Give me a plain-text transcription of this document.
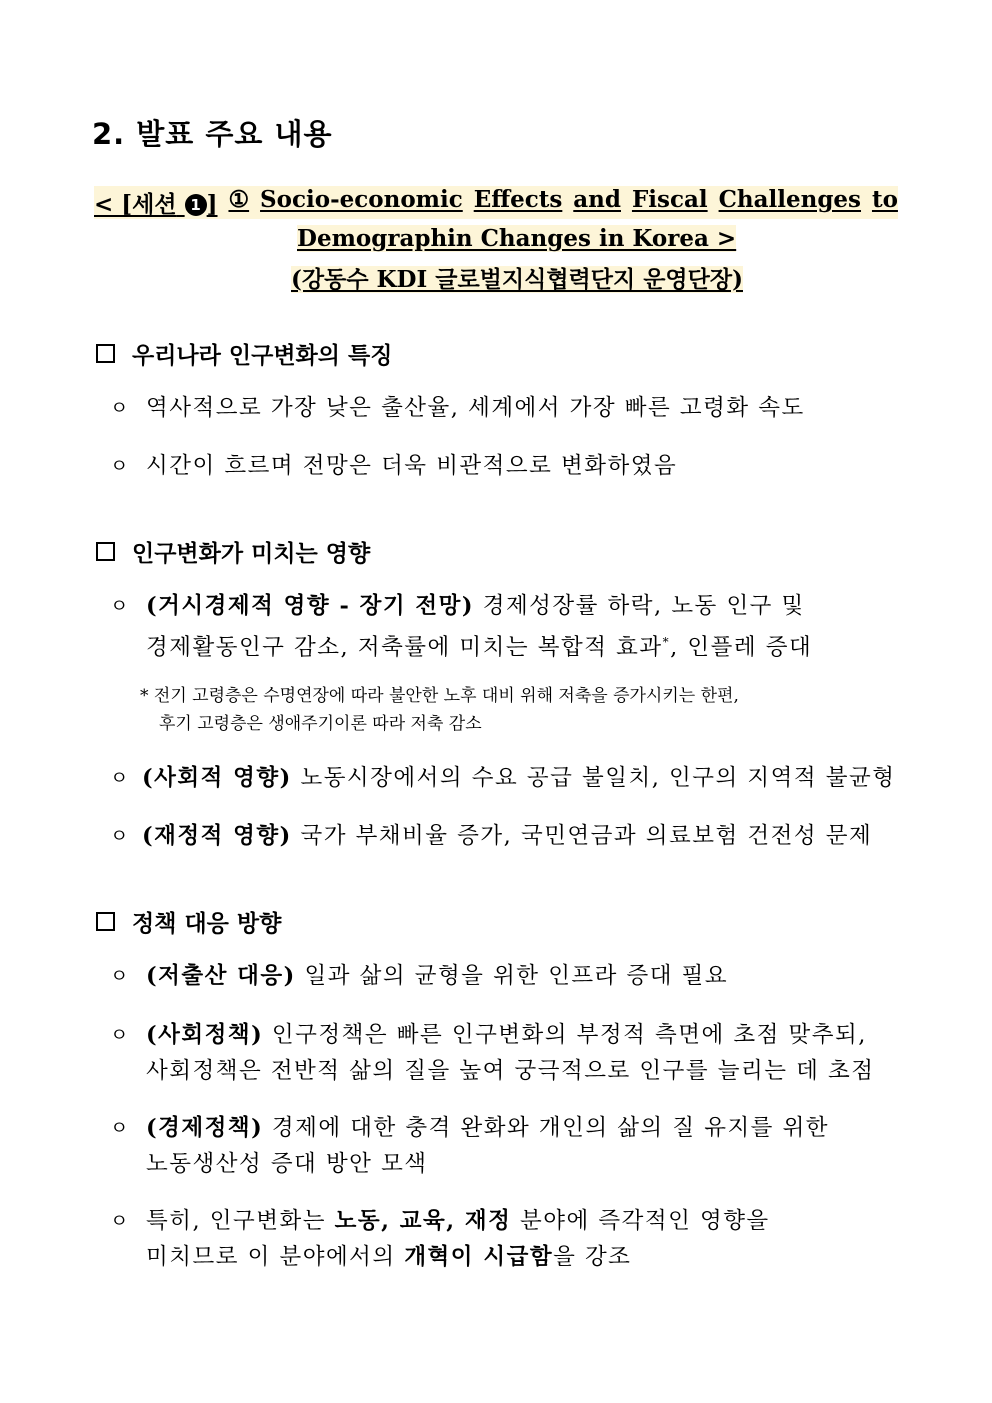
2. 발표 주요 내용
< [세션 1 ] ① Socio-economic Effects and Fiscal Challenges to
Demographin Changes in Korea >
(강동수 KDI 글로벌지식협력단지 운영단장)
우리나라 인구변화의 특징
ㅇ 역사적으로 가장 낮은 출산율, 세계에서 가장 빠른 고령화 속도
ㅇ 시간이 흐르며 전망은 더욱 비관적으로 변화하였음
인구변화가 미치는 영향
ㅇ (거시경제적 영향 - 장기 전망) 경제성장률 하락, 노동 인구 및
경제활동인구 감소, 저축률에 미치는 복합적 효과*, 인플레 증대
* 전기 고령층은 수명연장에 따라 불안한 노후 대비 위해 저축을 증가시키는 한편,
후기 고령층은 생애주기이론 따라 저축 감소
ㅇ (사회적 영향) 노동시장에서의 수요 공급 불일치, 인구의 지역적 불균형
ㅇ (재정적 영향) 국가 부채비율 증가, 국민연금과 의료보험 건전성 문제
정책 대응 방향
ㅇ (저출산 대응) 일과 삶의 균형을 위한 인프라 증대 필요
ㅇ (사회정책) 인구정책은 빠른 인구변화의 부정적 측면에 초점 맞추되,
사회정책은 전반적 삶의 질을 높여 궁극적으로 인구를 늘리는 데 초점
ㅇ (경제정책) 경제에 대한 충격 완화와 개인의 삶의 질 유지를 위한
노동생산성 증대 방안 모색
ㅇ 특히, 인구변화는 노동, 교육, 재정 분야에 즉각적인 영향을
미치므로 이 분야에서의 개혁이 시급함을 강조
